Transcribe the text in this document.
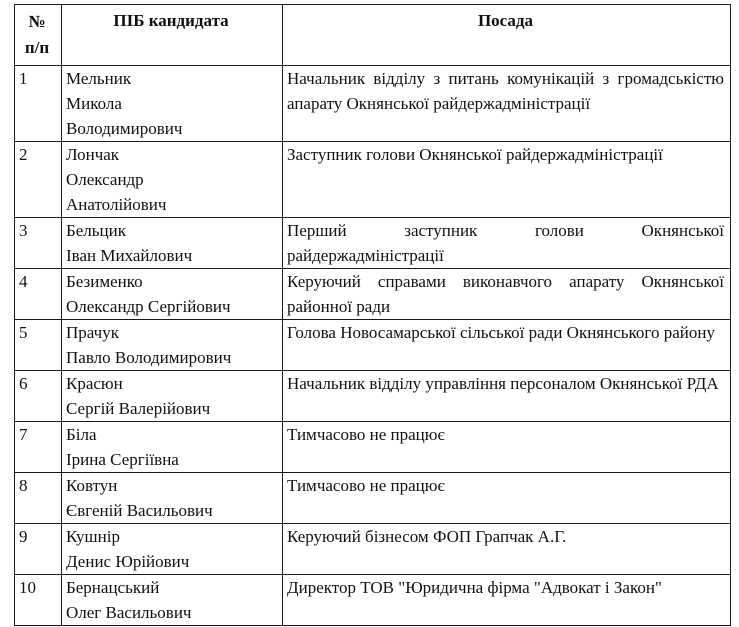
№
п/п	ПІБ кандидата	Посада
1	Мельник
Микола
Володимирович	Начальник відділу з питань комунікацій з громадськістю апарату Окнянської райдержадміністрації
2	Лончак
Олександр
Анатолійович	Заступник голови Окнянської райдержадміністрації
3	Бельцик
Іван Михайлович	Перший заступник голови Окнянської райдержадміністрації
4	Безименко
Олександр Сергійович	Керуючий справами виконавчого апарату Окнянської районної ради
5	Прачук
Павло Володимирович	Голова Новосамарської сільської ради Окнянського району
6	Красюн
Сергій Валерійович	Начальник відділу управління персоналом Окнянської РДА
7	Біла
Ірина Сергіївна	Тимчасово не працює
8	Ковтун
Євгеній Васильович	Тимчасово не працює
9	Кушнір
Денис Юрійович	Керуючий бізнесом ФОП Грапчак А.Г.
10	Бернацський
Олег Васильович	Директор ТОВ "Юридична фірма "Адвокат і Закон"
